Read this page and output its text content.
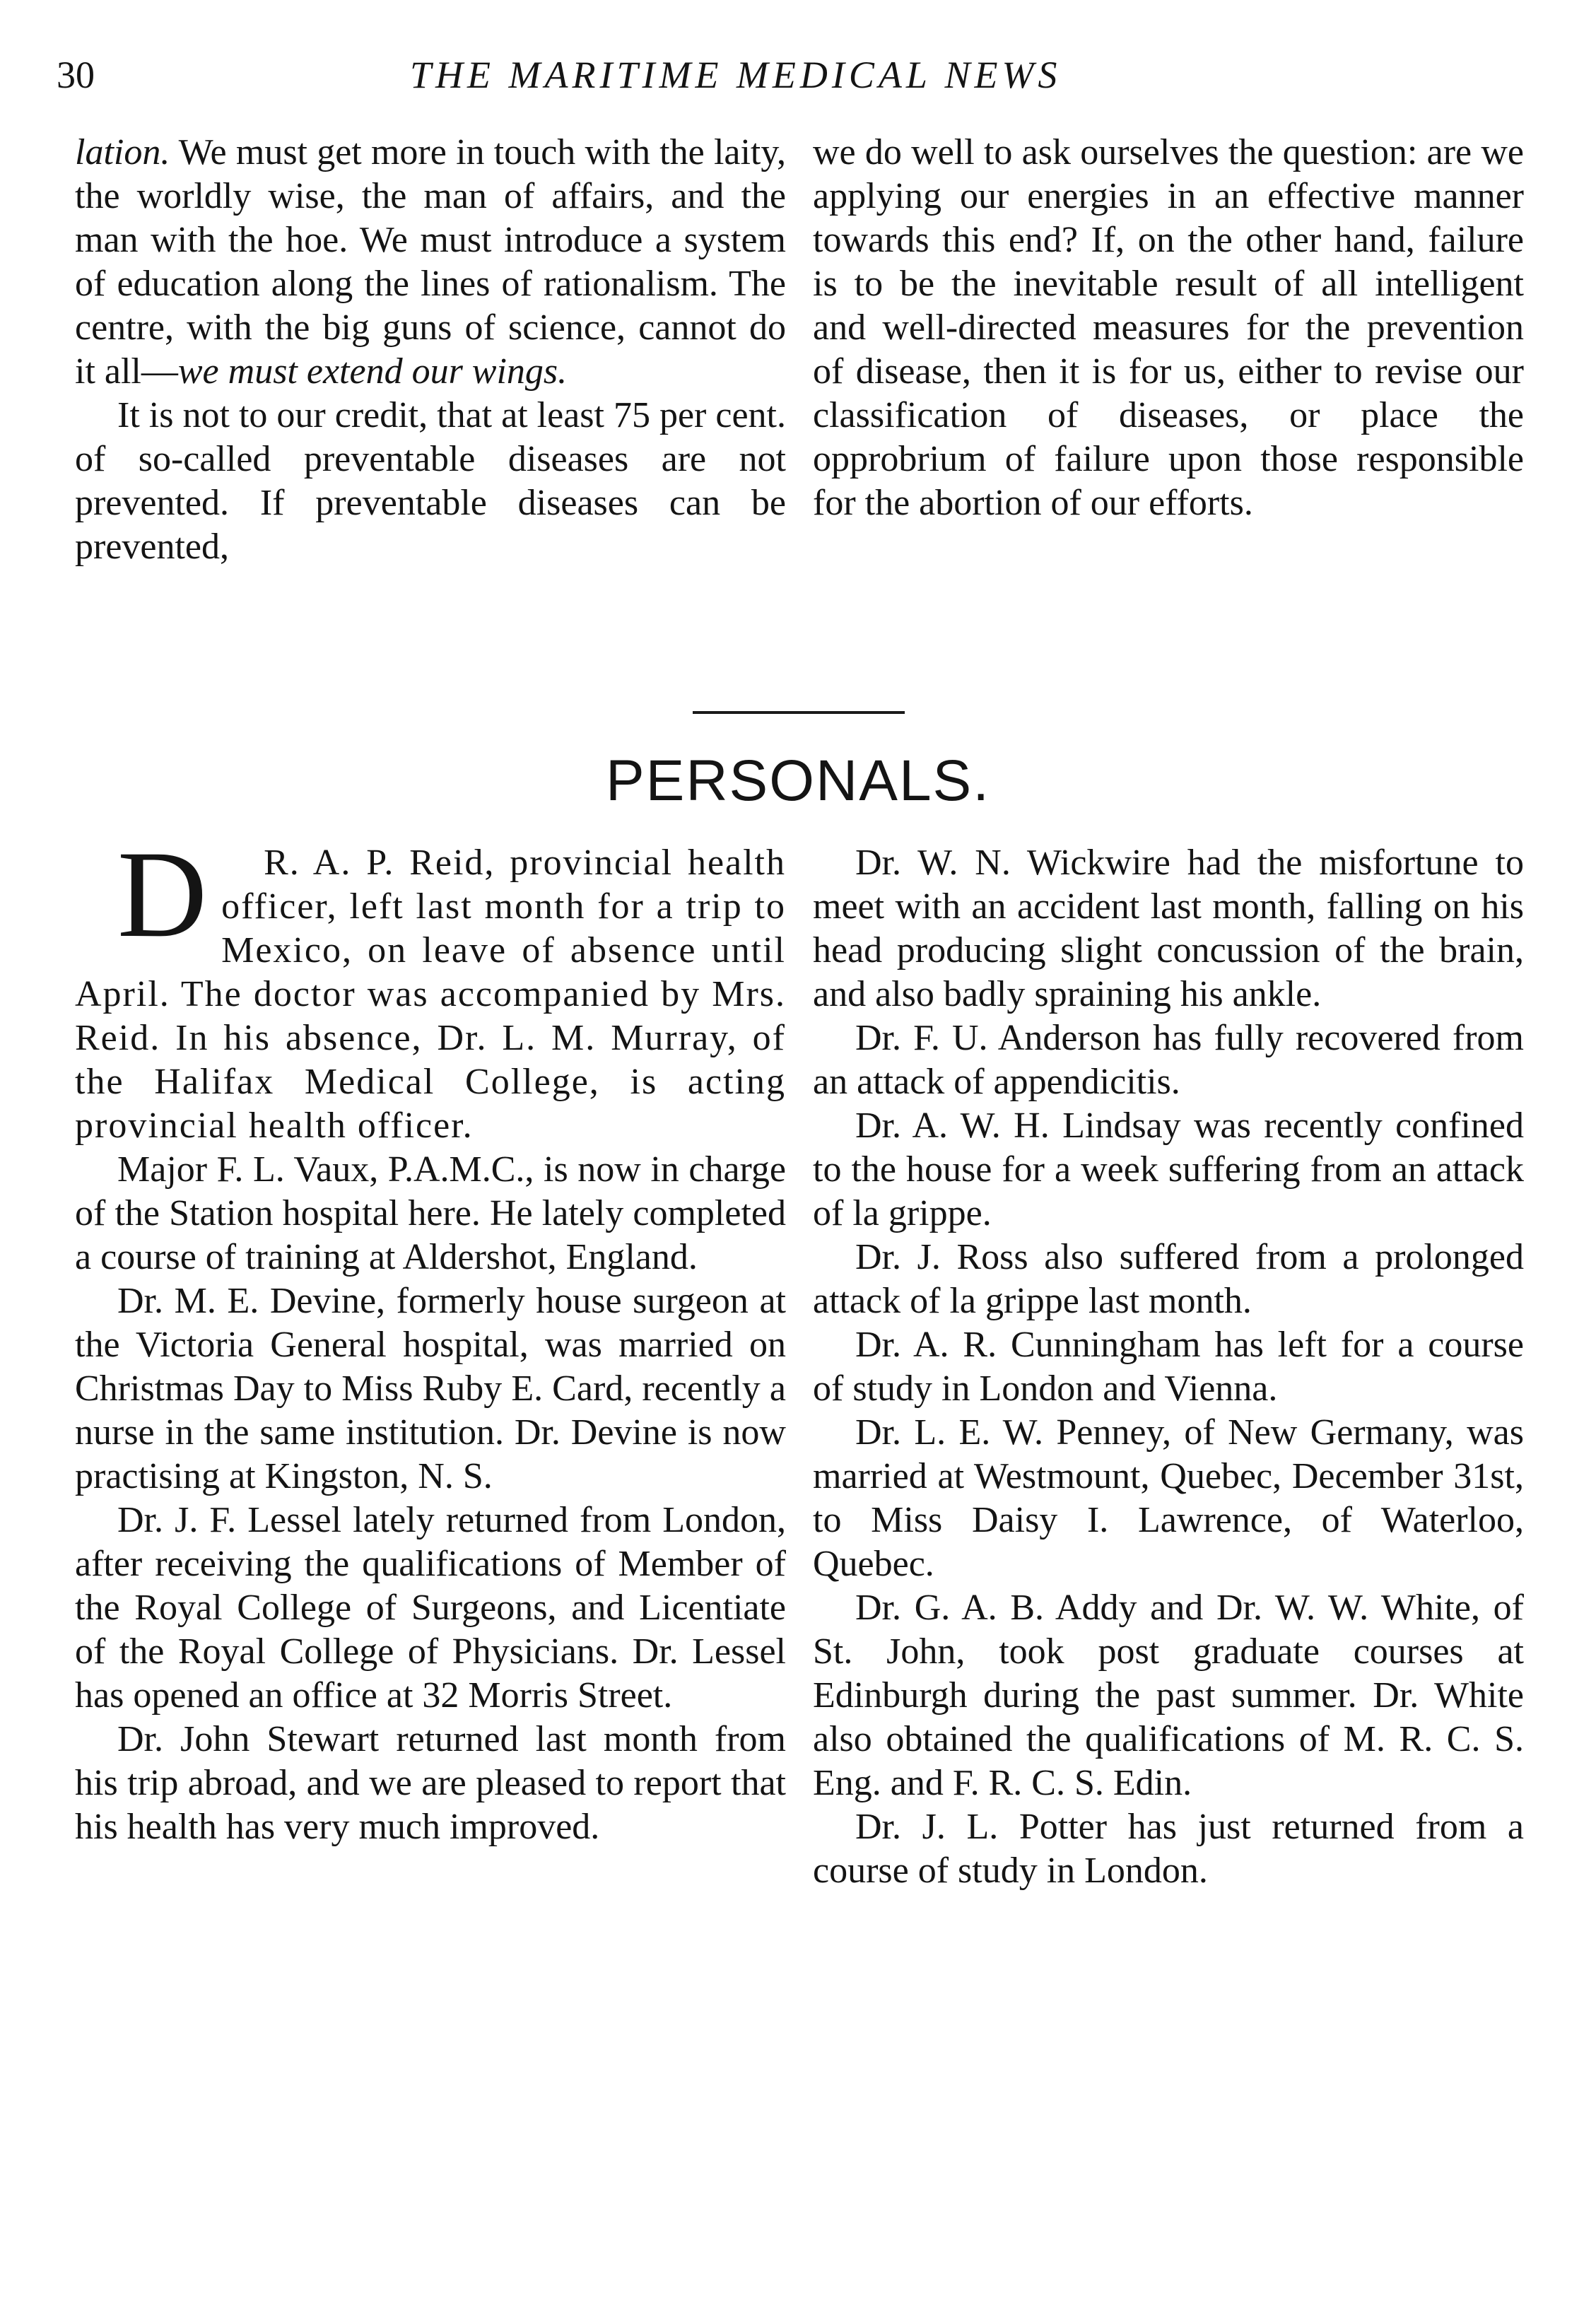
30	THE MARITIME MEDICAL NEWS

lation. We must get more in touch with the laity, the worldly wise, the man of affairs, and the man with the hoe. We must introduce a system of education along the lines of rationalism. The centre, with the big guns of science, cannot do it all—we must extend our wings.

It is not to our credit, that at least 75 per cent. of so-called preventable diseases are not prevented. If preventable diseases can be prevented,

we do well to ask ourselves the question: are we applying our energies in an effective manner towards this end? If, on the other hand, failure is to be the inevitable result of all intelligent and well-directed measures for the prevention of disease, then it is for us, either to revise our classification of diseases, or place the opprobrium of failure upon those responsible for the abortion of our efforts.

PERSONALS.

D R. A. P. Reid, provincial health officer, left last month for a trip to Mexico, on leave of absence until April. The doctor was accompanied by Mrs. Reid. In his absence, Dr. L. M. Murray, of the Halifax Medical College, is acting provincial health officer.

Major F. L. Vaux, P.A.M.C., is now in charge of the Station hospital here. He lately completed a course of training at Aldershot, England.

Dr. M. E. Devine, formerly house surgeon at the Victoria General hospital, was married on Christmas Day to Miss Ruby E. Card, recently a nurse in the same institution. Dr. Devine is now practising at Kingston, N. S.

Dr. J. F. Lessel lately returned from London, after receiving the qualifications of Member of the Royal College of Surgeons, and Licentiate of the Royal College of Physicians. Dr. Lessel has opened an office at 32 Morris Street.

Dr. John Stewart returned last month from his trip abroad, and we are pleased to report that his health has very much improved.

Dr. W. N. Wickwire had the misfortune to meet with an accident last month, falling on his head producing slight concussion of the brain, and also badly spraining his ankle.

Dr. F. U. Anderson has fully recovered from an attack of appendicitis.

Dr. A. W. H. Lindsay was recently confined to the house for a week suffering from an attack of la grippe.

Dr. J. Ross also suffered from a prolonged attack of la grippe last month.

Dr. A. R. Cunningham has left for a course of study in London and Vienna.

Dr. L. E. W. Penney, of New Germany, was married at Westmount, Quebec, December 31st, to Miss Daisy I. Lawrence, of Waterloo, Quebec.

Dr. G. A. B. Addy and Dr. W. W. White, of St. John, took post graduate courses at Edinburgh during the past summer. Dr. White also obtained the qualifications of M. R. C. S. Eng. and F. R. C. S. Edin.

Dr. J. L. Potter has just returned from a course of study in London.
